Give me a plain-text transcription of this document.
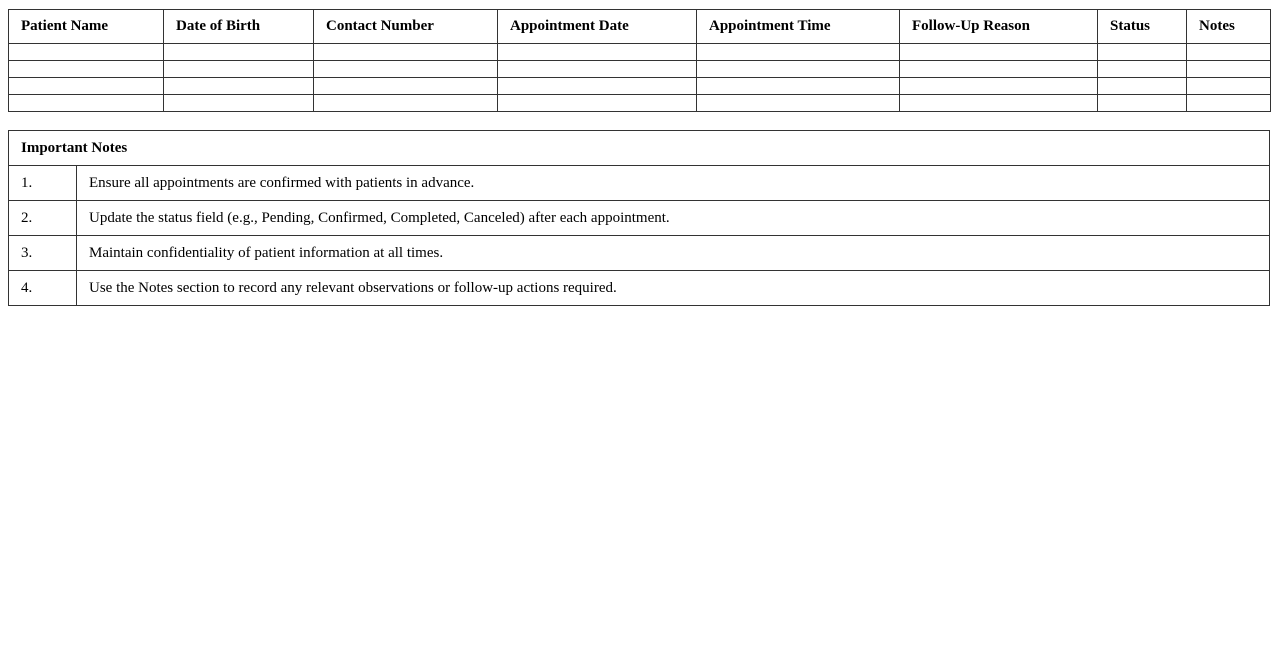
Patient Name	Date of Birth	Contact Number	Appointment Date	Appointment Time	Follow-Up Reason	Status	Notes

Important Notes	
1.	Ensure all appointments are confirmed with patients in advance.
2.	Update the status field (e.g., Pending, Confirmed, Completed, Canceled) after each appointment.
3.	Maintain confidentiality of patient information at all times.
4.	Use the Notes section to record any relevant observations or follow-up actions required.
